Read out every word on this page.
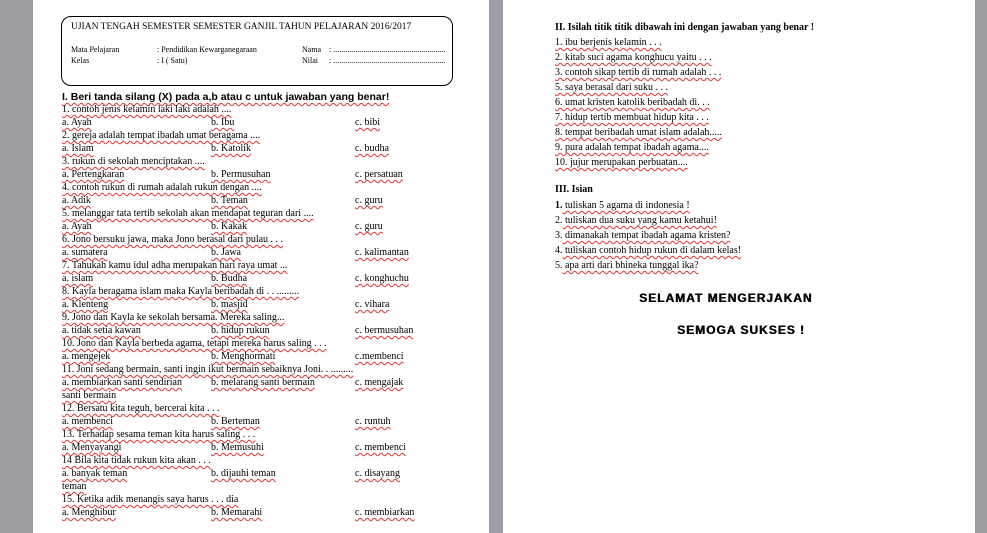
UJIAN TENGAH SEMESTER SEMESTER GANJIL TAHUN PELAJARAN 2016/2017
Mata Pelajaran	: Pendidikan Kewarganegaraan	Nama : ........................................................
Kelas	: I ( Satu)	Nilai : ........................................................
I. Beri tanda silang (X) pada a,b atau c untuk jawaban yang benar!
1. contoh jenis kelamin laki laki adalah ....
a. Ayah	b. Ibu	c. bibi
2. gereja adalah tempat ibadah umat beragama ....
a. Islam	b. Katolik	c. budha
3. rukun di sekolah menciptakan ....
a. Pertengkaran	b. Permusuhan	c. persatuan
4. contoh rukun di rumah adalah rukun dengan ....
a. Adik	b. Teman	c. guru
5. melanggar tata tertib sekolah akan mendapat teguran dari ....
a. Ayah	b. Kakak	c. guru
6. Jono bersuku jawa, maka Jono berasal dari pulau . . .
a. sumatera	b. Jawa	c. kalimantan
7. Tahukah kamu idul adha merupakan hari raya umat ...
a. islam	b. Budha	c. konghuchu
8. Kayla beragama islam maka Kayla beribadah di . . .........
a. Klenteng	b. masjid	c. vihara
9. Jono dan Kayla ke sekolah bersama. Mereka saling...
a. tidak setia kawan	b. hidup rukun	c. bermusuhan
10. Jono dan Kayla berbeda agama, tetapi mereka harus saling . . .
a. mengejek	b. Menghormati	c.membenci
11. Joni sedang bermain, santi ingin ikut bermain sebaiknya Joni. . .........
a. membiarkan santi sendirian	b. melarang santi bermain	c. mengajak
santi bermain
12. Bersatu kita teguh, bercerai kita . . .
a. membenci	b. Berteman	c. runtuh
13. Terhadap sesama teman kita harus saling . . .
a. Menyayangi	b. Memusuhi	c. membenci
14 Bila kita tidak rukun kita akan . . .
a. banyak teman	b. dijauhi teman	c. disayang
teman
15. Ketika adik menangis saya harus . . . dia
a. Menghibur	b. Memarahi	c. membiarkan
II. Isilah titik titik dibawah ini dengan jawaban yang benar !
1. ibu berjenis kelamin . . .
2. kitab suci agama konghucu yaitu . . .
3. contoh sikap tertib di rumah adalah . . .
5. saya berasal dari suku . . .
6. umat kristen katolik beribadah di. . .
7. hidup tertib membuat hidup kita . . .
8. tempat beribadah umat islam adalah.....
9. pura adalah tempat ibadah agama....
10. jujur merupakan perbuatan....
III. Isian
1. tuliskan 5 agama di indonesia !
2. tuliskan dua suku yang kamu ketahui!
3. dimanakah tempat ibadah agama kristen?
4. tuliskan contoh hidup rukun di dalam kelas!
5. apa arti dari bhineka tunggal ika?
SELAMAT MENGERJAKAN
SEMOGA SUKSES !
